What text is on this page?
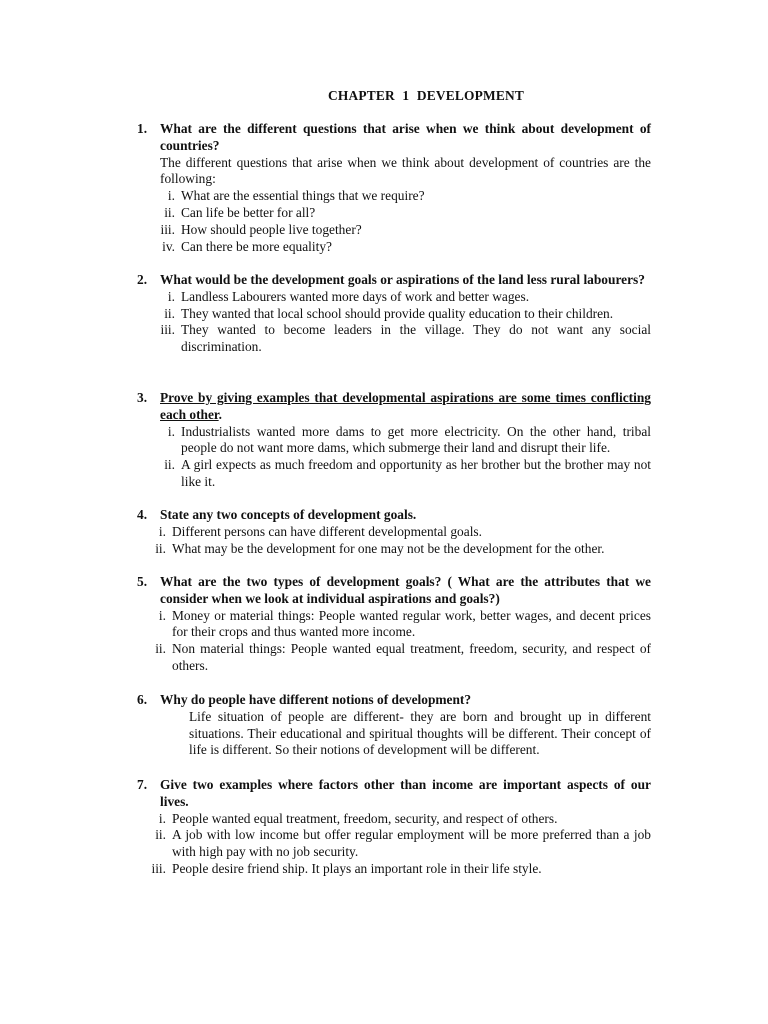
CHAPTER 1 DEVELOPMENT
1. What are the different questions that arise when we think about development of countries?
The different questions that arise when we think about development of countries are the following:
i. What are the essential things that we require?
ii. Can life be better for all?
iii. How should people live together?
iv. Can there be more equality?
2. What would be the development goals or aspirations of the land less rural labourers?
i. Landless Labourers wanted more days of work and better wages.
ii. They wanted that local school should provide quality education to their children.
iii. They wanted to become leaders in the village. They do not want any social discrimination.
3. Prove by giving examples that developmental aspirations are some times conflicting each other.
i. Industrialists wanted more dams to get more electricity. On the other hand, tribal people do not want more dams, which submerge their land and disrupt their life.
ii. A girl expects as much freedom and opportunity as her brother but the brother may not like it.
4. State any two concepts of development goals.
i. Different persons can have different developmental goals.
ii. What may be the development for one may not be the development for the other.
5. What are the two types of development goals? ( What are the attributes that we consider when we look at individual aspirations and goals?)
i. Money or material things: People wanted regular work, better wages, and decent prices for their crops and thus wanted more income.
ii. Non material things: People wanted equal treatment, freedom, security, and respect of others.
6. Why do people have different notions of development?
Life situation of people are different- they are born and brought up in different situations. Their educational and spiritual thoughts will be different. Their concept of life is different. So their notions of development will be different.
7. Give two examples where factors other than income are important aspects of our lives.
i. People wanted equal treatment, freedom, security, and respect of others.
ii. A job with low income but offer regular employment will be more preferred than a job with high pay with no job security.
iii. People desire friend ship. It plays an important role in their life style.
